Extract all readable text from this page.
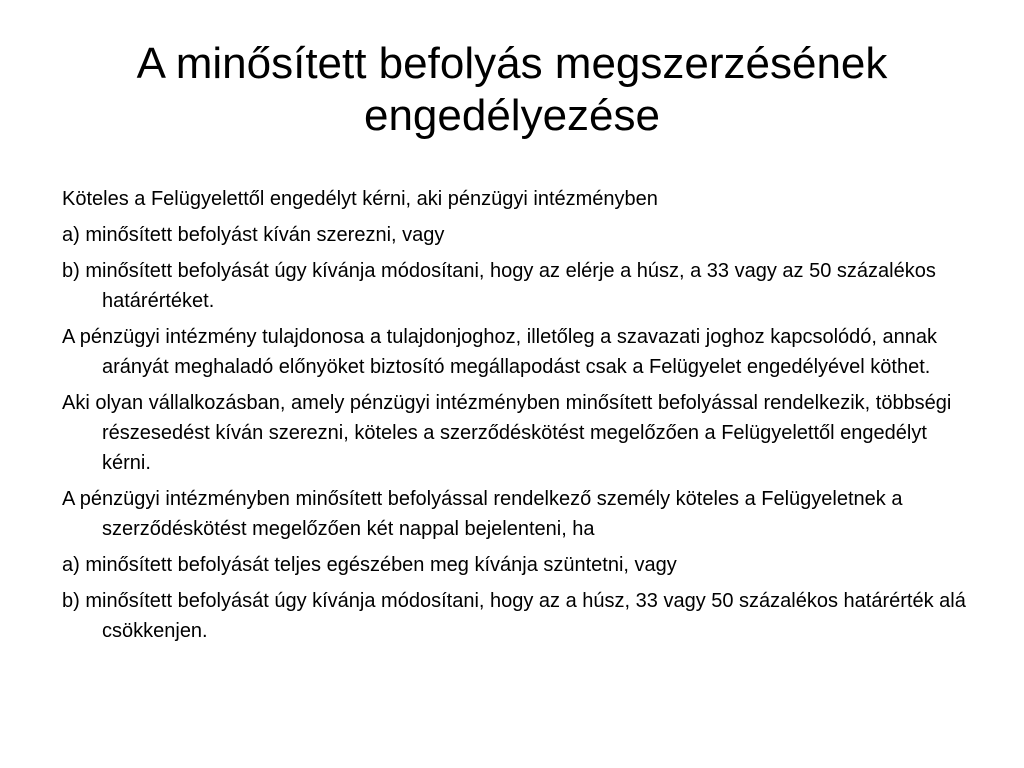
A minősített befolyás megszerzésének engedélyezése
Köteles a Felügyelettől engedélyt kérni, aki pénzügyi intézményben
a) minősített befolyást kíván szerezni, vagy
b) minősített befolyását úgy kívánja módosítani, hogy az elérje a húsz, a 33 vagy az 50 százalékos határértéket.
A pénzügyi intézmény tulajdonosa a tulajdonjoghoz, illetőleg a szavazati joghoz kapcsolódó, annak arányát meghaladó előnyöket biztosító megállapodást csak a Felügyelet engedélyével köthet.
Aki olyan vállalkozásban, amely pénzügyi intézményben minősített befolyással rendelkezik, többségi részesedést kíván szerezni, köteles a szerződéskötést megelőzően a Felügyelettől engedélyt kérni.
A pénzügyi intézményben minősített befolyással rendelkező személy köteles a Felügyeletnek a szerződéskötést megelőzően két nappal bejelenteni, ha
a) minősített befolyását teljes egészében meg kívánja szüntetni, vagy
b) minősített befolyását úgy kívánja módosítani, hogy az a húsz, 33 vagy 50 százalékos határérték alá csökkenjen.
